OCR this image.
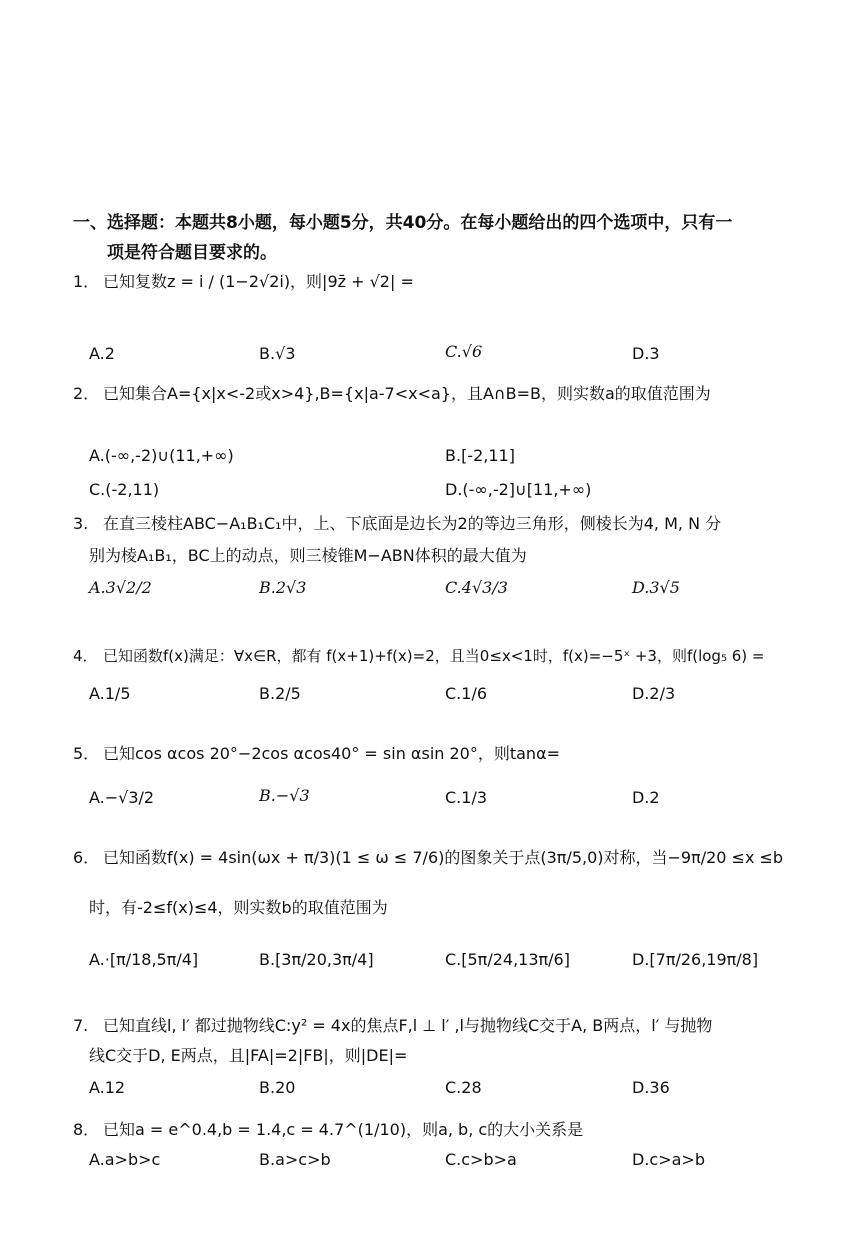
一、选择题：本题共8小题，每小题5分，共40分。在每小题给出的四个选项中，只有一
项是符合题目要求的。
1． 已知复数z = i / (1−2√2i)，则|9z̄ + √2| =
A.2	B.√3	C.√6	D.3
2． 已知集合A={x|x<-2或x>4},B={x|a-7<x<a}，且A∩B=B，则实数a的取值范围为
A.(-∞,-2)∪(11,+∞)	B.[-2,11]
C.(-2,11)	D.(-∞,-2]∪[11,+∞)
3. 在直三棱柱ABC−A₁B₁C₁中，上、下底面是边长为2的等边三角形，侧棱长为4, M, N 分
别为棱A₁B₁，BC上的动点，则三棱锥M−ABN体积的最大值为
A.3√2/2	B.2√3	C.4√3/3	D.3√5
4． 已知函数f(x)满足：∀x∈R，都有 f(x+1)+f(x)=2，且当0≤x<1时，f(x)=−5ˣ +3，则f(log₅ 6) =
A.1/5	B.2/5	C.1/6	D.2/3
5． 已知cos αcos 20°−2cos αcos40° = sin αsin 20°，则tanα=
A.−√3/2	B.−√3	C.1/3	D.2
6． 已知函数f(x) = 4sin(ωx + π/3)(1 ≤ ω ≤ 7/6)的图象关于点(3π/5,0)对称，当−9π/20 ≤x ≤b
时，有-2≤f(x)≤4，则实数b的取值范围为
A.·[π/18,5π/4]	B.[3π/20,3π/4]	C.[5π/24,13π/6]	D.[7π/26,19π/8]
7. 已知直线l, l′ 都过抛物线C:y² = 4x的焦点F,l ⊥ l′ ,l与抛物线C交于A, B两点，l′ 与抛物
线C交于D, E两点，且|FA|=2|FB|，则|DE|=
A.12	B.20	C.28	D.36
8． 已知a = e^0.4,b = 1.4,c = 4.7^(1/10)，则a, b, c的大小关系是
A.a>b>c	B.a>c>b	C.c>b>a	D.c>a>b
